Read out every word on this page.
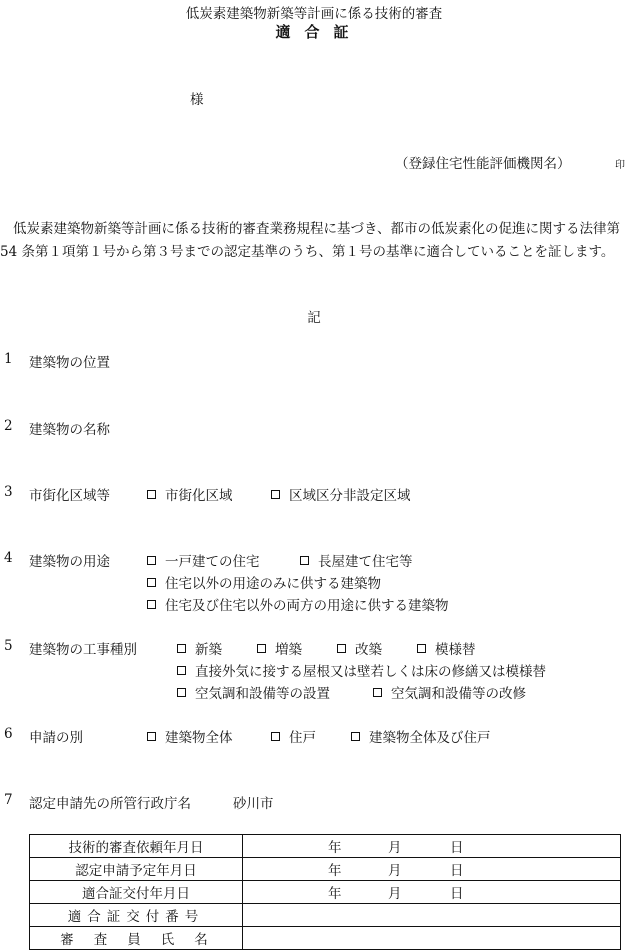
低炭素建築物新築等計画に係る技術的審査
適合証
様
（登録住宅性能評価機関名）	印
低炭素建築物新築等計画に係る技術的審査業務規程に基づき、都市の低炭素化の促進に関する法律第 54 条第１項第１号から第３号までの認定基準のうち、第１号の基準に適合していることを証します。
記
1 建築物の位置
2 建築物の名称
3 市街化区域等	市街化区域	区域区分非設定区域
4 建築物の用途	一戸建ての住宅	長屋建て住宅等
住宅以外の用途のみに供する建築物
住宅及び住宅以外の両方の用途に供する建築物
5 建築物の工事種別	新築	増築	改築	模様替
直接外気に接する屋根又は壁若しくは床の修繕又は模様替
空気調和設備等の設置	空気調和設備等の改修
6 申請の別	建築物全体	住戸	建築物全体及び住戸
7 認定申請先の所管行政庁名	砂川市
技術的審査依頼年月日	年 月 日

認定申請予定年月日	年 月 日

適合証交付年月日	年 月 日

適合証交付番号	
審査員氏名	
